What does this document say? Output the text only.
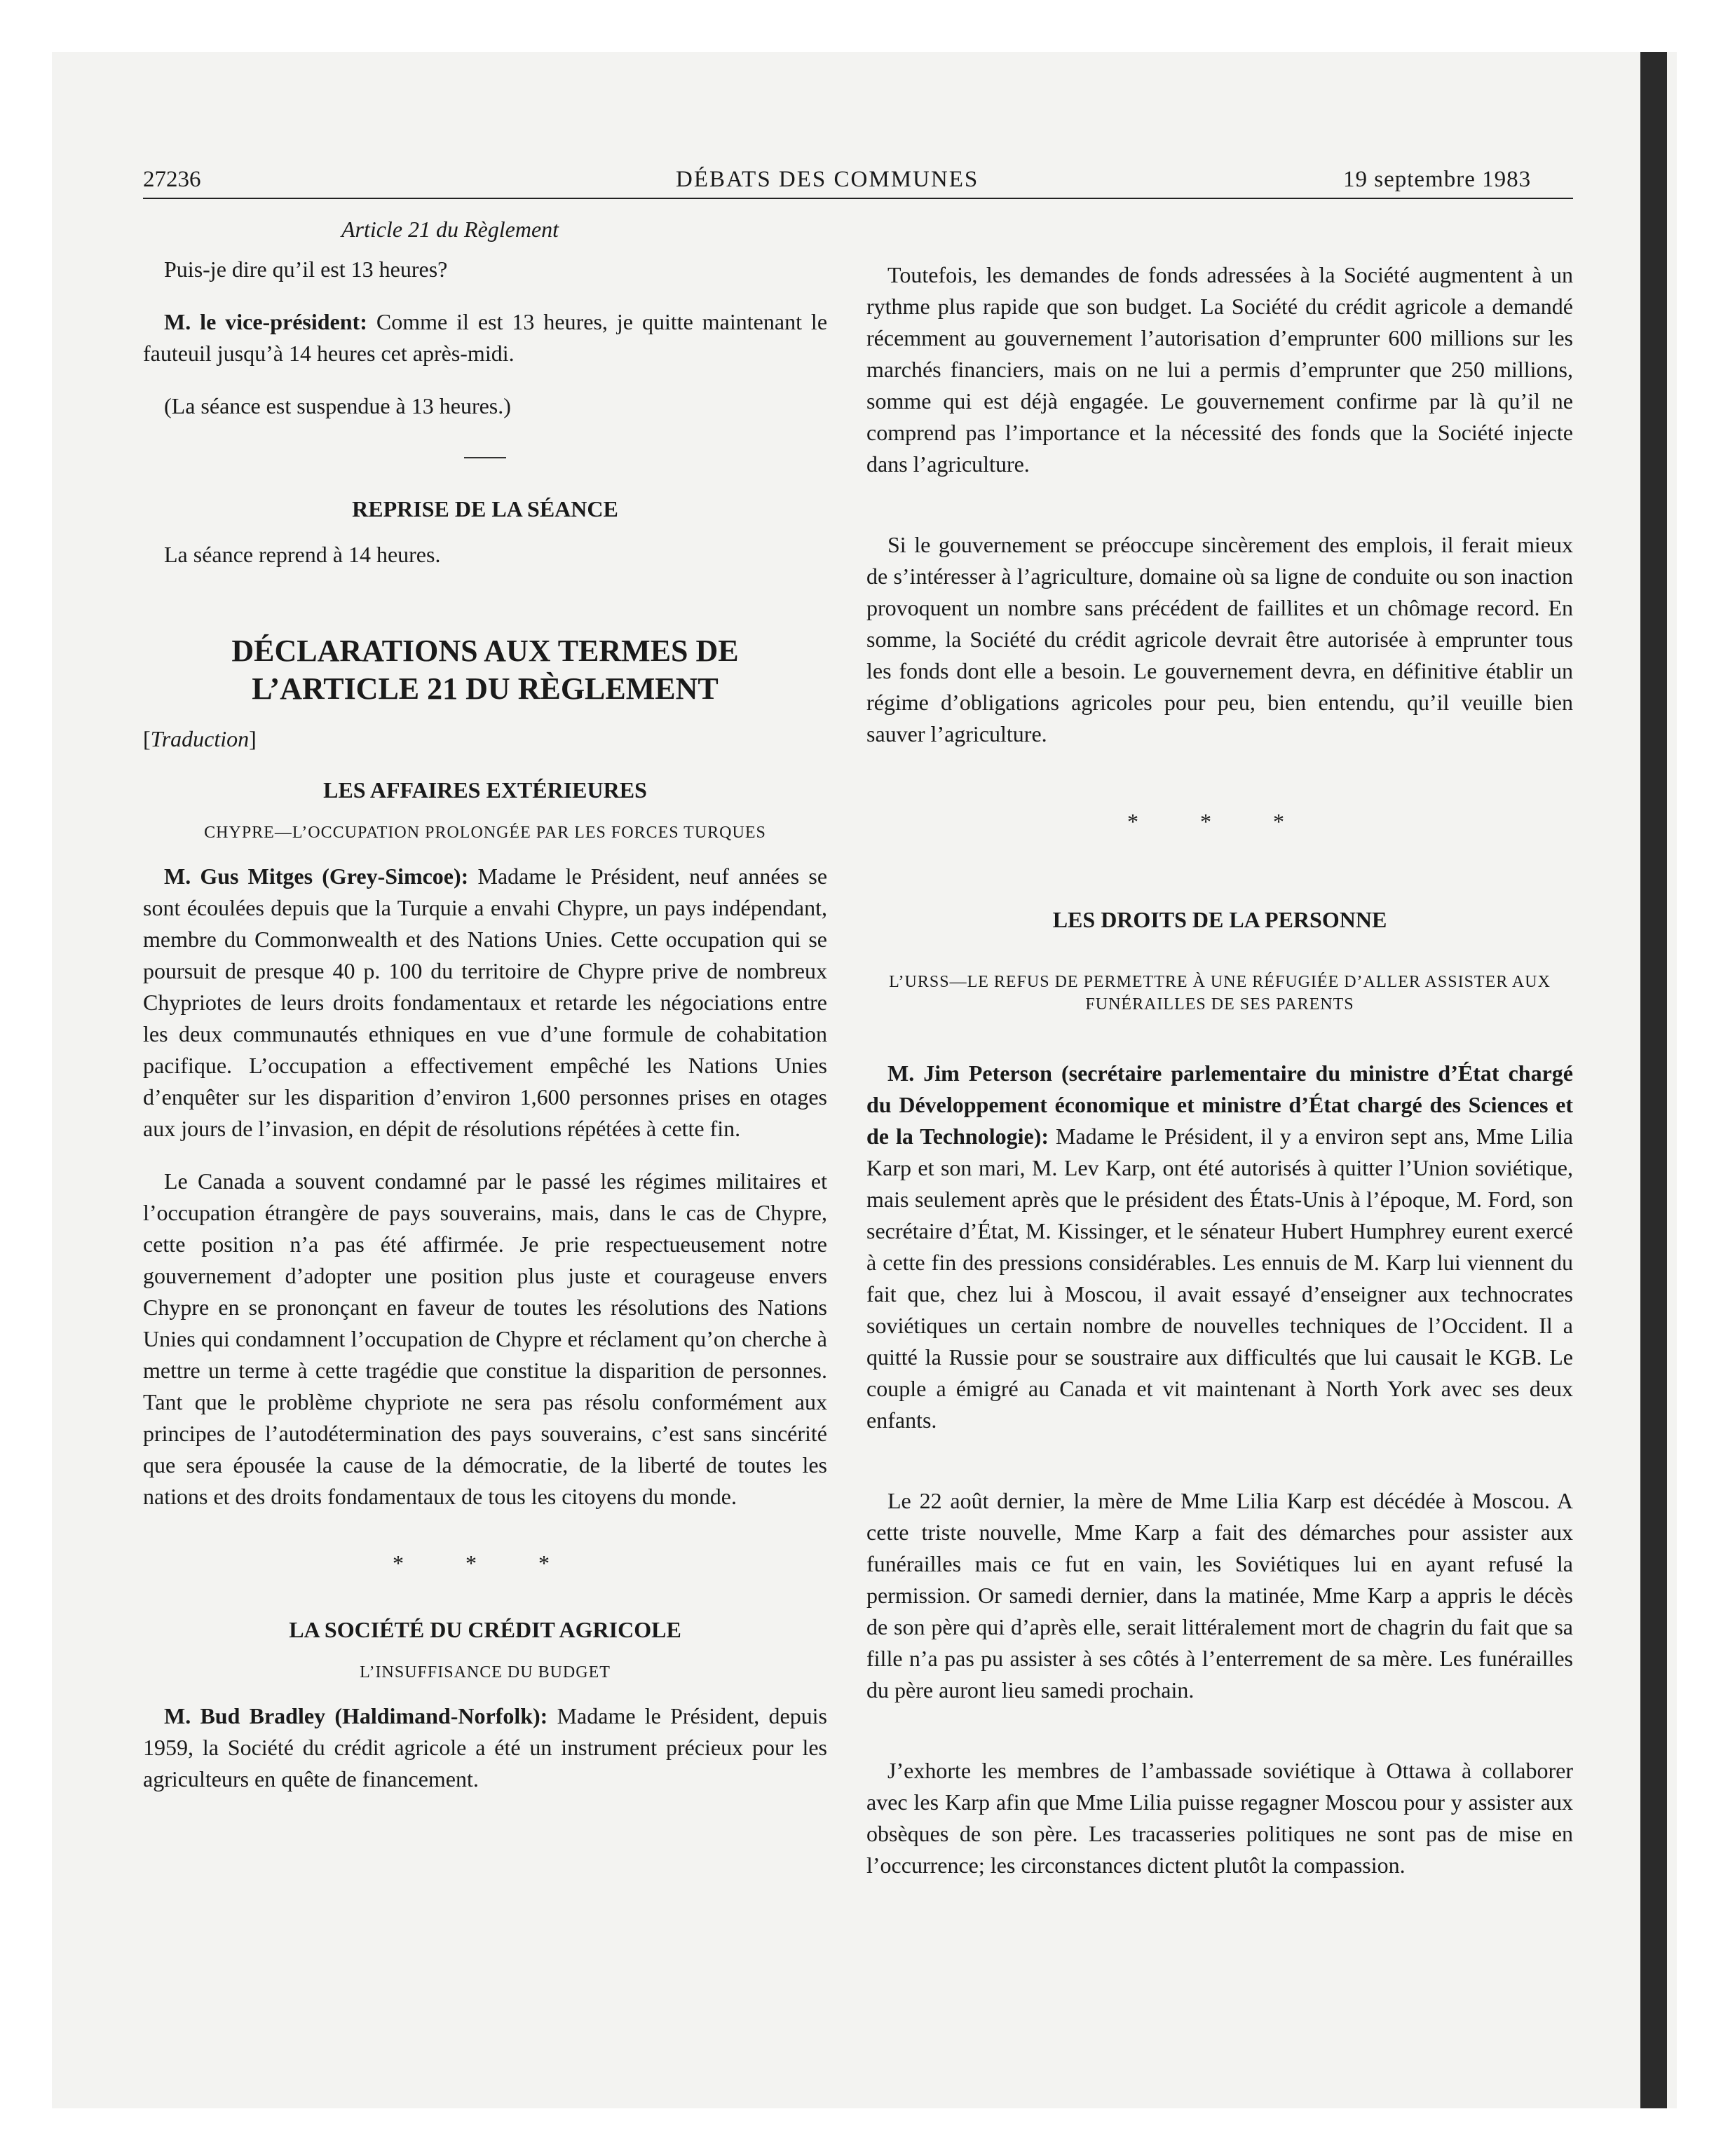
27236	DÉBATS DES COMMUNES	19 septembre 1983
Article 21 du Règlement

Puis-je dire qu’il est 13 heures?

M. le vice-président: Comme il est 13 heures, je quitte maintenant le fauteuil jusqu’à 14 heures cet après-midi.

(La séance est suspendue à 13 heures.)

REPRISE DE LA SÉANCE

La séance reprend à 14 heures.

DÉCLARATIONS AUX TERMES DE
L’ARTICLE 21 DU RÈGLEMENT
[Traduction]
LES AFFAIRES EXTÉRIEURES
CHYPRE—L’OCCUPATION PROLONGÉE PAR LES FORCES TURQUES

M. Gus Mitges (Grey-Simcoe): Madame le Président, neuf années se sont écoulées depuis que la Turquie a envahi Chypre, un pays indépendant, membre du Commonwealth et des Nations Unies. Cette occupation qui se poursuit de presque 40 p. 100 du territoire de Chypre prive de nombreux Chypriotes de leurs droits fondamentaux et retarde les négociations entre les deux communautés ethniques en vue d’une formule de cohabitation pacifique. L’occupation a effectivement empêché les Nations Unies d’enquêter sur les disparition d’environ 1,600 personnes prises en otages aux jours de l’invasion, en dépit de résolutions répétées à cette fin.

Le Canada a souvent condamné par le passé les régimes militaires et l’occupation étrangère de pays souverains, mais, dans le cas de Chypre, cette position n’a pas été affirmée. Je prie respectueusement notre gouvernement d’adopter une position plus juste et courageuse envers Chypre en se prononçant en faveur de toutes les résolutions des Nations Unies qui condamnent l’occupation de Chypre et réclament qu’on cherche à mettre un terme à cette tragédie que constitue la disparition de personnes. Tant que le problème chypriote ne sera pas résolu conformément aux principes de l’autodétermination des pays souverains, c’est sans sincérité que sera épousée la cause de la démocratie, de la liberté de toutes les nations et des droits fondamentaux de tous les citoyens du monde.

* * *
LA SOCIÉTÉ DU CRÉDIT AGRICOLE
L’INSUFFISANCE DU BUDGET

M. Bud Bradley (Haldimand-Norfolk): Madame le Président, depuis 1959, la Société du crédit agricole a été un instrument précieux pour les agriculteurs en quête de financement.

Toutefois, les demandes de fonds adressées à la Société augmentent à un rythme plus rapide que son budget. La Société du crédit agricole a demandé récemment au gouvernement l’autorisation d’emprunter 600 millions sur les marchés financiers, mais on ne lui a permis d’emprunter que 250 millions, somme qui est déjà engagée. Le gouvernement confirme par là qu’il ne comprend pas l’importance et la nécessité des fonds que la Société injecte dans l’agriculture.

Si le gouvernement se préoccupe sincèrement des emplois, il ferait mieux de s’intéresser à l’agriculture, domaine où sa ligne de conduite ou son inaction provoquent un nombre sans précédent de faillites et un chômage record. En somme, la Société du crédit agricole devrait être autorisée à emprunter tous les fonds dont elle a besoin. Le gouvernement devra, en définitive établir un régime d’obligations agricoles pour peu, bien entendu, qu’il veuille bien sauver l’agriculture.

* * *
LES DROITS DE LA PERSONNE
L’URSS—LE REFUS DE PERMETTRE À UNE RÉFUGIÉE D’ALLER ASSISTER AUX FUNÉRAILLES DE SES PARENTS

M. Jim Peterson (secrétaire parlementaire du ministre d’État chargé du Développement économique et ministre d’État chargé des Sciences et de la Technologie): Madame le Président, il y a environ sept ans, Mme Lilia Karp et son mari, M. Lev Karp, ont été autorisés à quitter l’Union soviétique, mais seulement après que le président des États-Unis à l’époque, M. Ford, son secrétaire d’État, M. Kissinger, et le sénateur Hubert Humphrey eurent exercé à cette fin des pressions considérables. Les ennuis de M. Karp lui viennent du fait que, chez lui à Moscou, il avait essayé d’enseigner aux technocrates soviétiques un certain nombre de nouvelles techniques de l’Occident. Il a quitté la Russie pour se soustraire aux difficultés que lui causait le KGB. Le couple a émigré au Canada et vit maintenant à North York avec ses deux enfants.

Le 22 août dernier, la mère de Mme Lilia Karp est décédée à Moscou. A cette triste nouvelle, Mme Karp a fait des démarches pour assister aux funérailles mais ce fut en vain, les Soviétiques lui en ayant refusé la permission. Or samedi dernier, dans la matinée, Mme Karp a appris le décès de son père qui d’après elle, serait littéralement mort de chagrin du fait que sa fille n’a pas pu assister à ses côtés à l’enterrement de sa mère. Les funérailles du père auront lieu samedi prochain.

J’exhorte les membres de l’ambassade soviétique à Ottawa à collaborer avec les Karp afin que Mme Lilia puisse regagner Moscou pour y assister aux obsèques de son père. Les tracasseries politiques ne sont pas de mise en l’occurrence; les circonstances dictent plutôt la compassion.
